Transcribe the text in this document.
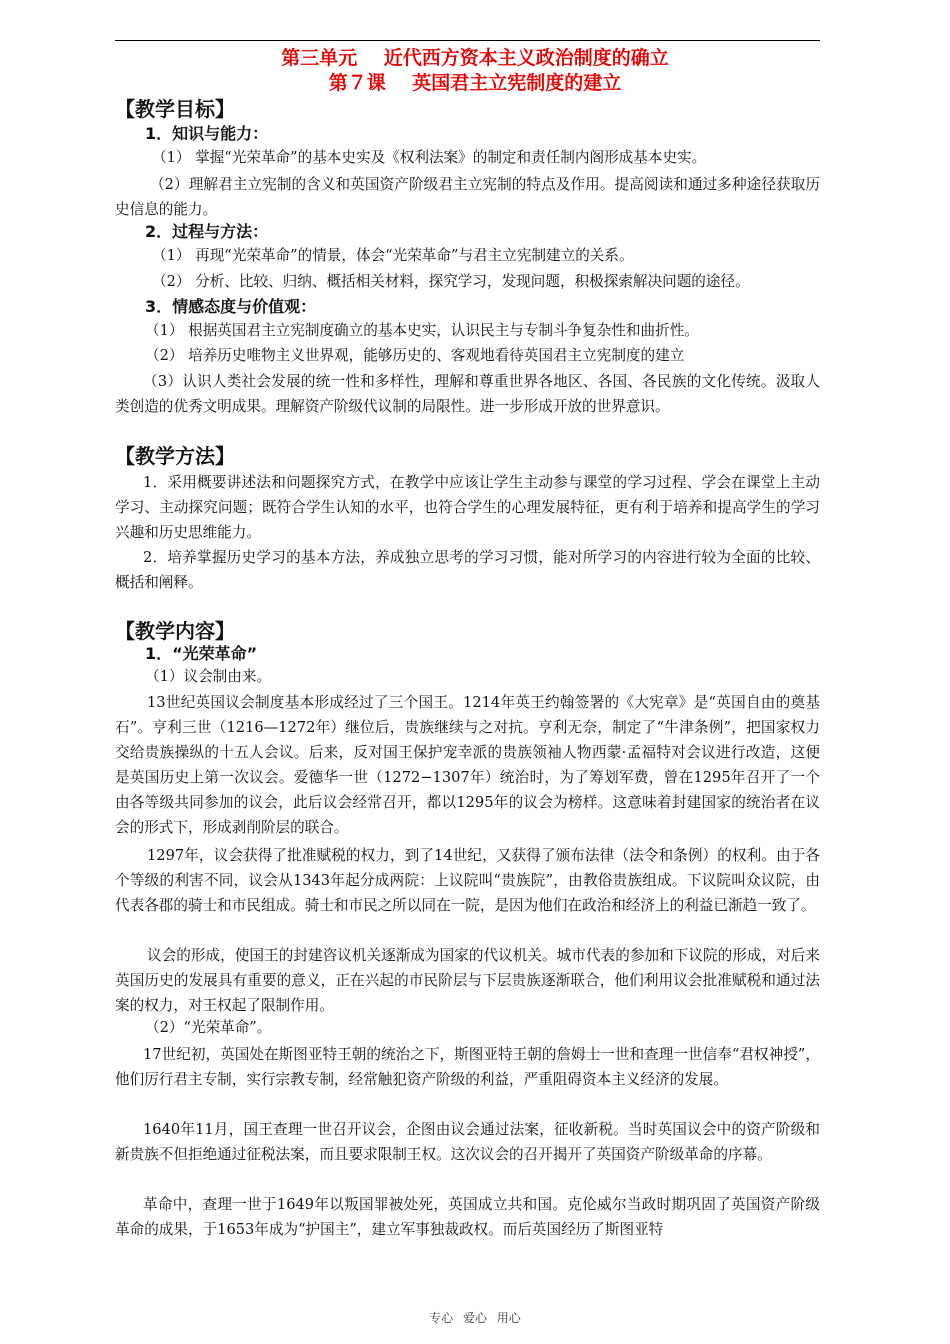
第三单元    近代西方资本主义政治制度的确立
第７课    英国君主立宪制度的建立
【教学目标】
1．知识与能力：
（1） 掌握“光荣革命”的基本史实及《权利法案》的制定和责任制内阁形成基本史实。
（2）理解君主立宪制的含义和英国资产阶级君主立宪制的特点及作用。提高阅读和通过多种途径获取历史信息的能力。
2．过程与方法：
（1） 再现“光荣革命”的情景，体会“光荣革命”与君主立宪制建立的关系。
（2） 分析、比较、归纳、概括相关材料，探究学习，发现问题，积极探索解决问题的途径。
3．情感态度与价值观：
（1） 根据英国君主立宪制度确立的基本史实，认识民主与专制斗争复杂性和曲折性。
（2） 培养历史唯物主义世界观，能够历史的、客观地看待英国君主立宪制度的建立
（3）认识人类社会发展的统一性和多样性，理解和尊重世界各地区、各国、各民族的文化传统。汲取人类创造的优秀文明成果。理解资产阶级代议制的局限性。进一步形成开放的世界意识。
【教学方法】
1．采用概要讲述法和问题探究方式，在教学中应该让学生主动参与课堂的学习过程、学会在课堂上主动学习、主动探究问题；既符合学生认知的水平，也符合学生的心理发展特征，更有利于培养和提高学生的学习兴趣和历史思维能力。
2．培养掌握历史学习的基本方法，养成独立思考的学习习惯，能对所学习的内容进行较为全面的比较、概括和阐释。
【教学内容】
1．“光荣革命”
（1）议会制由来。
13世纪英国议会制度基本形成经过了三个国王。1214年英王约翰签署的《大宪章》是“英国自由的奠基石”。亨利三世（1216—1272年）继位后，贵族继续与之对抗。亨利无奈，制定了“牛津条例”，把国家权力交给贵族操纵的十五人会议。后来，反对国王保护宠幸派的贵族领袖人物西蒙·孟福特对会议进行改造，这便是英国历史上第一次议会。爱德华一世（1272−1307年）统治时，为了筹划军费，曾在1295年召开了一个由各等级共同参加的议会，此后议会经常召开，都以1295年的议会为榜样。这意味着封建国家的统治者在议会的形式下，形成剥削阶层的联合。
1297年，议会获得了批准赋税的权力，到了14世纪，又获得了颁布法律（法令和条例）的权利。由于各个等级的利害不同，议会从1343年起分成两院：上议院叫“贵族院”，由教俗贵族组成。下议院叫众议院，由代表各郡的骑士和市民组成。骑士和市民之所以同在一院，是因为他们在政治和经济上的利益已渐趋一致了。
议会的形成，使国王的封建咨议机关逐渐成为国家的代议机关。城市代表的参加和下议院的形成，对后来英国历史的发展具有重要的意义，正在兴起的市民阶层与下层贵族逐渐联合，他们利用议会批准赋税和通过法案的权力，对王权起了限制作用。
（2）“光荣革命”。
17世纪初，英国处在斯图亚特王朝的统治之下，斯图亚特王朝的詹姆士一世和查理一世信奉“君权神授”，他们厉行君主专制，实行宗教专制，经常触犯资产阶级的利益，严重阻碍资本主义经济的发展。
1640年11月，国王查理一世召开议会，企图由议会通过法案，征收新税。当时英国议会中的资产阶级和新贵族不但拒绝通过征税法案，而且要求限制王权。这次议会的召开揭开了英国资产阶级革命的序幕。
革命中，查理一世于1649年以叛国罪被处死，英国成立共和国。克伦威尔当政时期巩固了英国资产阶级革命的成果，于1653年成为“护国主”，建立军事独裁政权。而后英国经历了斯图亚特
专心 爱心 用心
